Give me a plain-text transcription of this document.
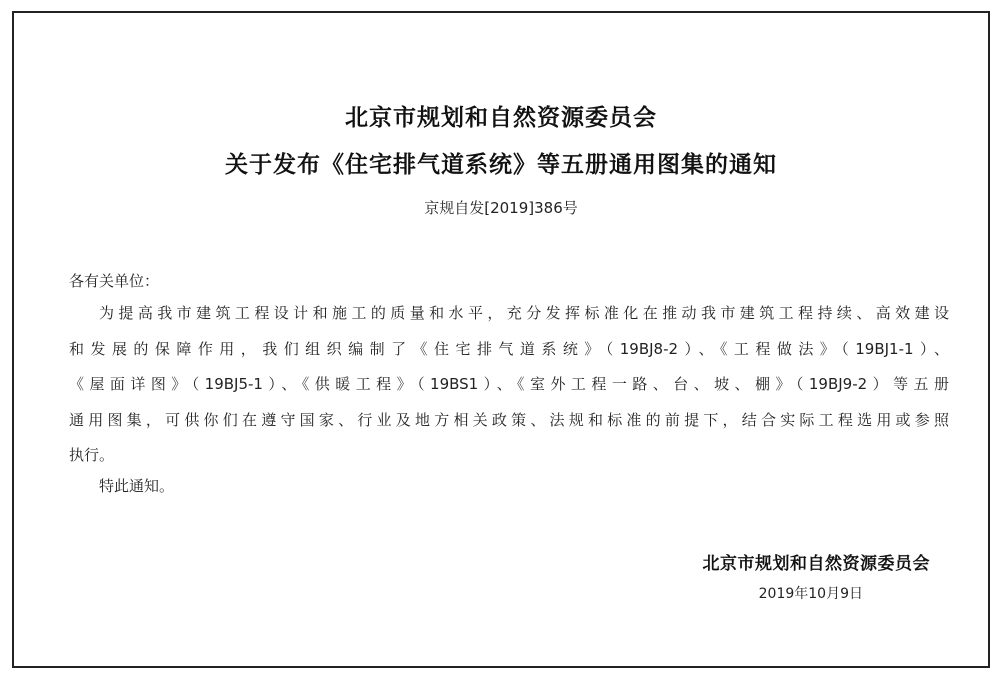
北京市规划和自然资源委员会
关于发布《住宅排气道系统》等五册通用图集的通知
京规自发[2019]386号
各有关单位：
为提高我市建筑工程设计和施工的质量和水平，充分发挥标准化在推动我市建筑工程持续、高效建设
和发展的保障作用，我们组织编制了《住宅排气道系统》（19BJ8-2）、《工程做法》（19BJ1-1）、
《屋面详图》（19BJ5-1）、《供暖工程》（19BS1）、《室外工程一路、台、坡、棚》（19BJ9-2）等五册
通用图集，可供你们在遵守国家、行业及地方相关政策、法规和标准的前提下，结合实际工程选用或参照
执行。
特此通知。
北京市规划和自然资源委员会
2019年10月9日
